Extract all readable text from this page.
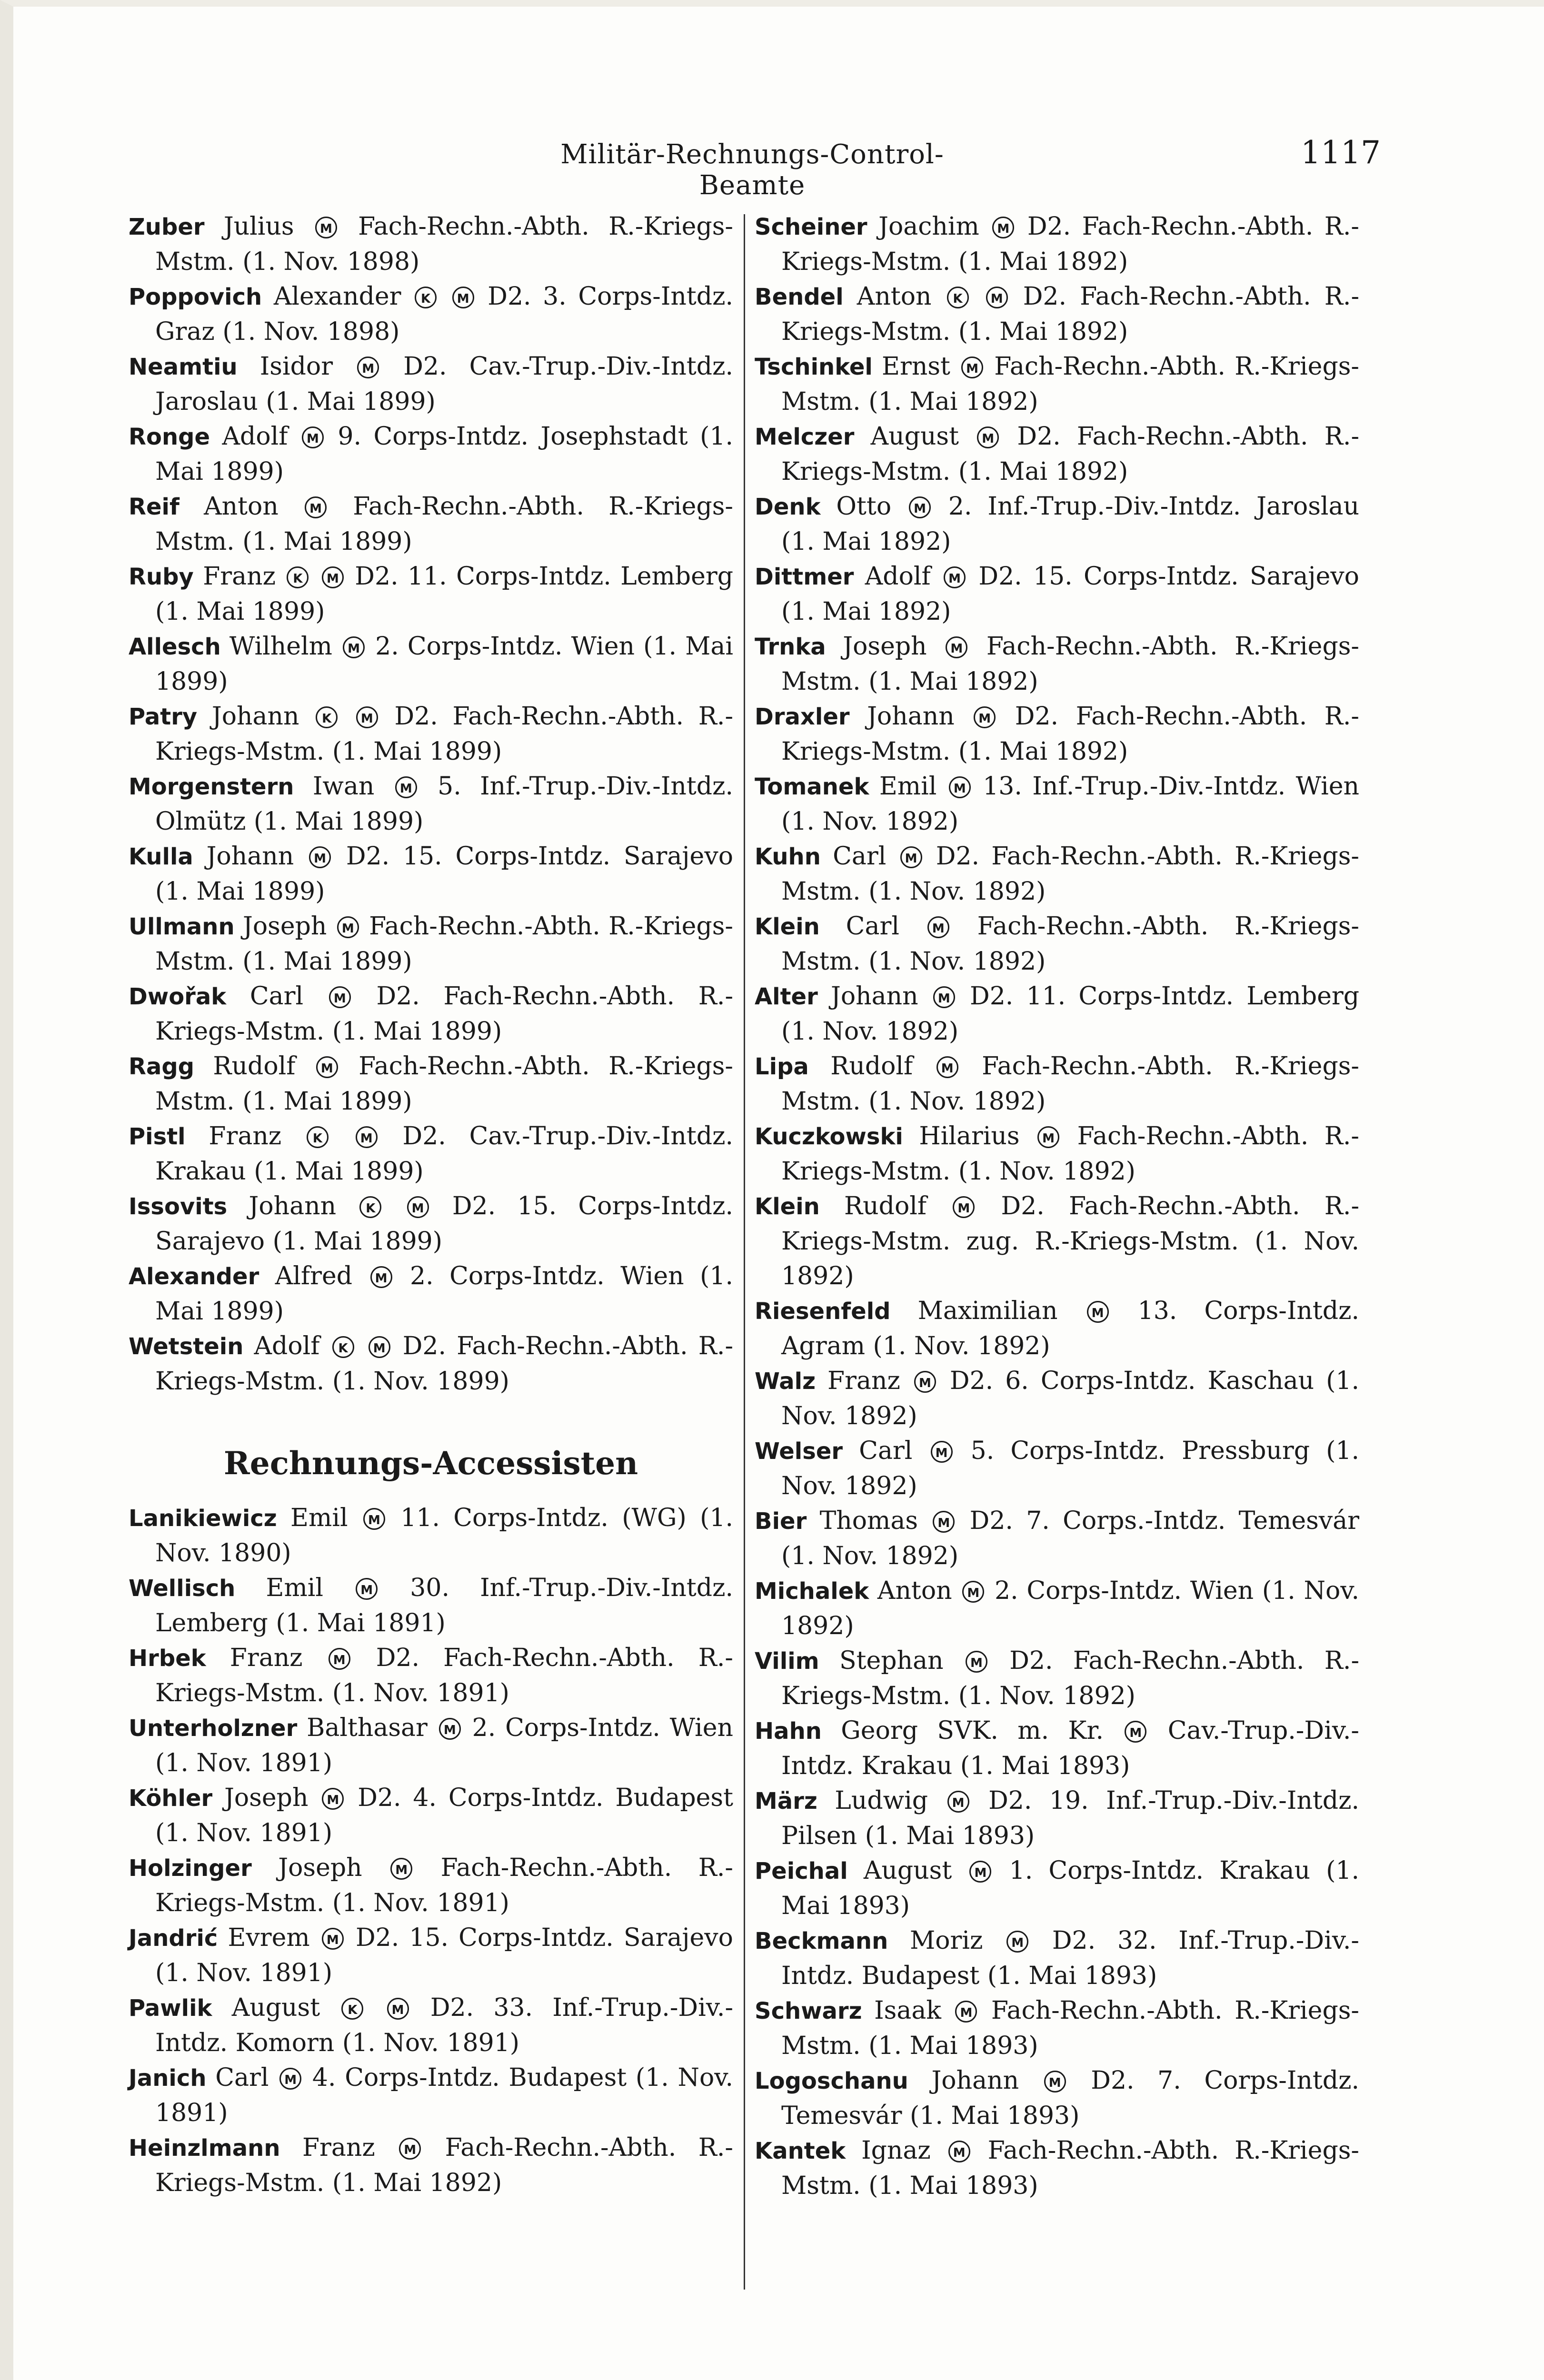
Militär-Rechnungs-Control-Beamte
1117
Zuber Julius M Fach-Rechn.-Abth. R.-Kriegs-Mstm. (1. Nov. 1898)
Poppovich Alexander K M D2. 3. Corps-Intdz. Graz (1. Nov. 1898)
Neamtiu Isidor M D2. Cav.-Trup.-Div.-Intdz. Jaroslau (1. Mai 1899)
Ronge Adolf M 9. Corps-Intdz. Josephstadt (1. Mai 1899)
Reif Anton M Fach-Rechn.-Abth. R.-Kriegs-Mstm. (1. Mai 1899)
Ruby Franz K M D2. 11. Corps-Intdz. Lemberg (1. Mai 1899)
Allesch Wilhelm M 2. Corps-Intdz. Wien (1. Mai 1899)
Patry Johann K M D2. Fach-Rechn.-Abth. R.-Kriegs-Mstm. (1. Mai 1899)
Morgenstern Iwan M 5. Inf.-Trup.-Div.-Intdz. Olmütz (1. Mai 1899)
Kulla Johann M D2. 15. Corps-Intdz. Sarajevo (1. Mai 1899)
Ullmann Joseph M Fach-Rechn.-Abth. R.-Kriegs-Mstm. (1. Mai 1899)
Dwořak Carl M D2. Fach-Rechn.-Abth. R.-Kriegs-Mstm. (1. Mai 1899)
Ragg Rudolf M Fach-Rechn.-Abth. R.-Kriegs-Mstm. (1. Mai 1899)
Pistl Franz K	M D2. Cav.-Trup.-Div.-Intdz. Krakau (1. Mai 1899)
Issovits Johann K	M D2. 15. Corps-Intdz. Sarajevo (1. Mai 1899)
Alexander Alfred M 2. Corps-Intdz. Wien (1. Mai 1899)
Wetstein Adolf K M D2. Fach-Rechn.-Abth. R.-Kriegs-Mstm. (1. Nov. 1899)
Rechnungs-Accessisten
Lanikiewicz Emil M 11. Corps-Intdz. (WG) (1. Nov. 1890)
Wellisch Emil M 30. Inf.-Trup.-Div.-Intdz. Lemberg (1. Mai 1891)
Hrbek Franz M D2. Fach-Rechn.-Abth. R.-Kriegs-Mstm. (1. Nov. 1891)
Unterholzner Balthasar M 2. Corps-Intdz. Wien (1. Nov. 1891)
Köhler Joseph M D2. 4. Corps-Intdz. Budapest (1. Nov. 1891)
Holzinger Joseph M Fach-Rechn.-Abth. R.-Kriegs-Mstm. (1. Nov. 1891)
Jandrić Evrem M D2. 15. Corps-Intdz. Sarajevo (1. Nov. 1891)
Pawlik August K	M D2. 33. Inf.-Trup.-Div.-Intdz. Komorn (1. Nov. 1891)
Janich Carl M 4. Corps-Intdz. Budapest (1. Nov. 1891)
Heinzlmann Franz M Fach-Rechn.-Abth. R.-Kriegs-Mstm. (1. Mai 1892)
Scheiner Joachim M D2. Fach-Rechn.-Abth. R.-Kriegs-Mstm. (1. Mai 1892)
Bendel Anton K M D2. Fach-Rechn.-Abth. R.-Kriegs-Mstm. (1. Mai 1892)
Tschinkel Ernst M Fach-Rechn.-Abth. R.-Kriegs-Mstm. (1. Mai 1892)
Melczer August M D2. Fach-Rechn.-Abth. R.-Kriegs-Mstm. (1. Mai 1892)
Denk Otto M 2. Inf.-Trup.-Div.-Intdz. Jaroslau (1. Mai 1892)
Dittmer Adolf M D2. 15. Corps-Intdz. Sarajevo (1. Mai 1892)
Trnka Joseph M Fach-Rechn.-Abth. R.-Kriegs-Mstm. (1. Mai 1892)
Draxler Johann M D2. Fach-Rechn.-Abth. R.-Kriegs-Mstm. (1. Mai 1892)
Tomanek Emil M 13. Inf.-Trup.-Div.-Intdz. Wien (1. Nov. 1892)
Kuhn Carl M D2. Fach-Rechn.-Abth. R.-Kriegs-Mstm. (1. Nov. 1892)
Klein Carl M Fach-Rechn.-Abth. R.-Kriegs-Mstm. (1. Nov. 1892)
Alter Johann M D2. 11. Corps-Intdz. Lemberg (1. Nov. 1892)
Lipa Rudolf M Fach-Rechn.-Abth. R.-Kriegs-Mstm. (1. Nov. 1892)
Kuczkowski Hilarius M Fach-Rechn.-Abth. R.-Kriegs-Mstm. (1. Nov. 1892)
Klein Rudolf M D2. Fach-Rechn.-Abth. R.-Kriegs-Mstm. zug. R.-Kriegs-Mstm. (1. Nov. 1892)
Riesenfeld Maximilian M 13. Corps-Intdz. Agram (1. Nov. 1892)
Walz Franz M D2. 6. Corps-Intdz. Kaschau (1. Nov. 1892)
Welser Carl M 5. Corps-Intdz. Pressburg (1. Nov. 1892)
Bier Thomas M D2. 7. Corps.-Intdz. Temesvár (1. Nov. 1892)
Michalek Anton M 2. Corps-Intdz. Wien (1. Nov. 1892)
Vilim Stephan M D2. Fach-Rechn.-Abth. R.-Kriegs-Mstm. (1. Nov. 1892)
Hahn Georg SVK. m. Kr. M Cav.-Trup.-Div.-Intdz. Krakau (1. Mai 1893)
März Ludwig M D2. 19. Inf.-Trup.-Div.-Intdz. Pilsen (1. Mai 1893)
Peichal August M 1. Corps-Intdz. Krakau (1. Mai 1893)
Beckmann Moriz M D2. 32. Inf.-Trup.-Div.-Intdz. Budapest (1. Mai 1893)
Schwarz Isaak M Fach-Rechn.-Abth. R.-Kriegs-Mstm. (1. Mai 1893)
Logoschanu Johann M D2. 7. Corps-Intdz. Temesvár (1. Mai 1893)
Kantek Ignaz M Fach-Rechn.-Abth. R.-Kriegs-Mstm. (1. Mai 1893)
